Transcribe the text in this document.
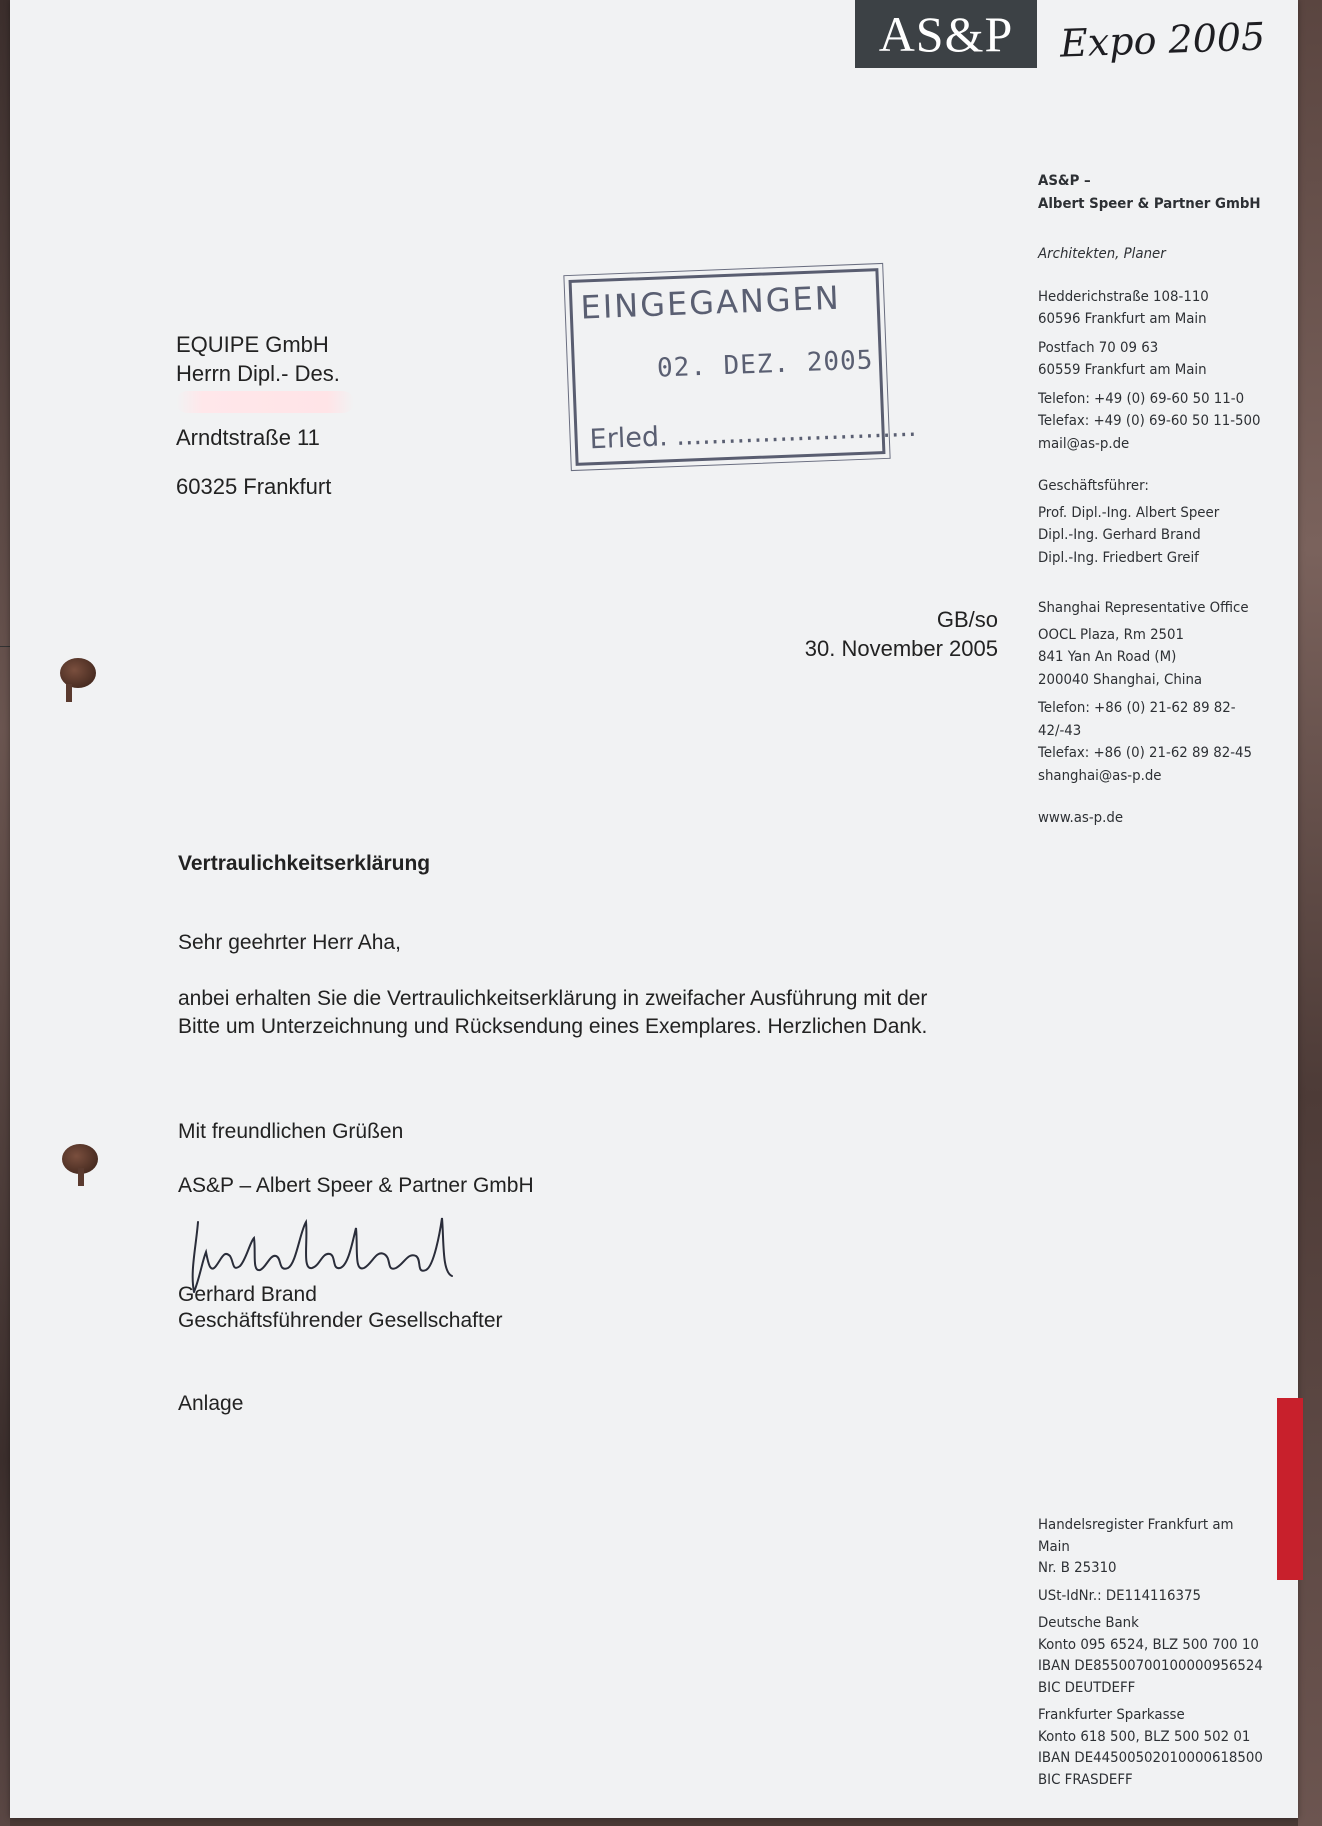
AS&P	Expo 2005
AS&P –
Albert Speer & Partner GmbH
Architekten, Planer
Hedderichstraße 108-110
60596 Frankfurt am Main
Postfach 70 09 63
60559 Frankfurt am Main
Telefon: +49 (0) 69-60 50 11-0
Telefax: +49 (0) 69-60 50 11-500
mail@as-p.de
Geschäftsführer:
Prof. Dipl.-Ing. Albert Speer
Dipl.-Ing. Gerhard Brand
Dipl.-Ing. Friedbert Greif
Shanghai Representative Office
OOCL Plaza, Rm 2501
841 Yan An Road (M)
200040 Shanghai, China
Telefon: +86 (0) 21-62 89 82-42/-43
Telefax: +86 (0) 21-62 89 82-45
shanghai@as-p.de
www.as-p.de
EQUIPE GmbH
Herrn Dipl.- Des.
Arndtstraße 11
60325 Frankfurt
EINGEGANGEN
02. DEZ. 2005
Erled. ............................
GB/so
30. November 2005
Vertraulichkeitserklärung
Sehr geehrter Herr Aha,
anbei erhalten Sie die Vertraulichkeitserklärung in zweifacher Ausführung mit der
Bitte um Unterzeichnung und Rücksendung eines Exemplares. Herzlichen Dank.
Mit freundlichen Grüßen
AS&P – Albert Speer & Partner GmbH
Gerhard Brand
Geschäftsführender Gesellschafter
Anlage
Handelsregister Frankfurt am Main
Nr. B 25310
USt-IdNr.: DE114116375
Deutsche Bank
Konto 095 6524, BLZ 500 700 10
IBAN DE85500700100000956524
BIC DEUTDEFF
Frankfurter Sparkasse
Konto 618 500, BLZ 500 502 01
IBAN DE44500502010000618500
BIC FRASDEFF
